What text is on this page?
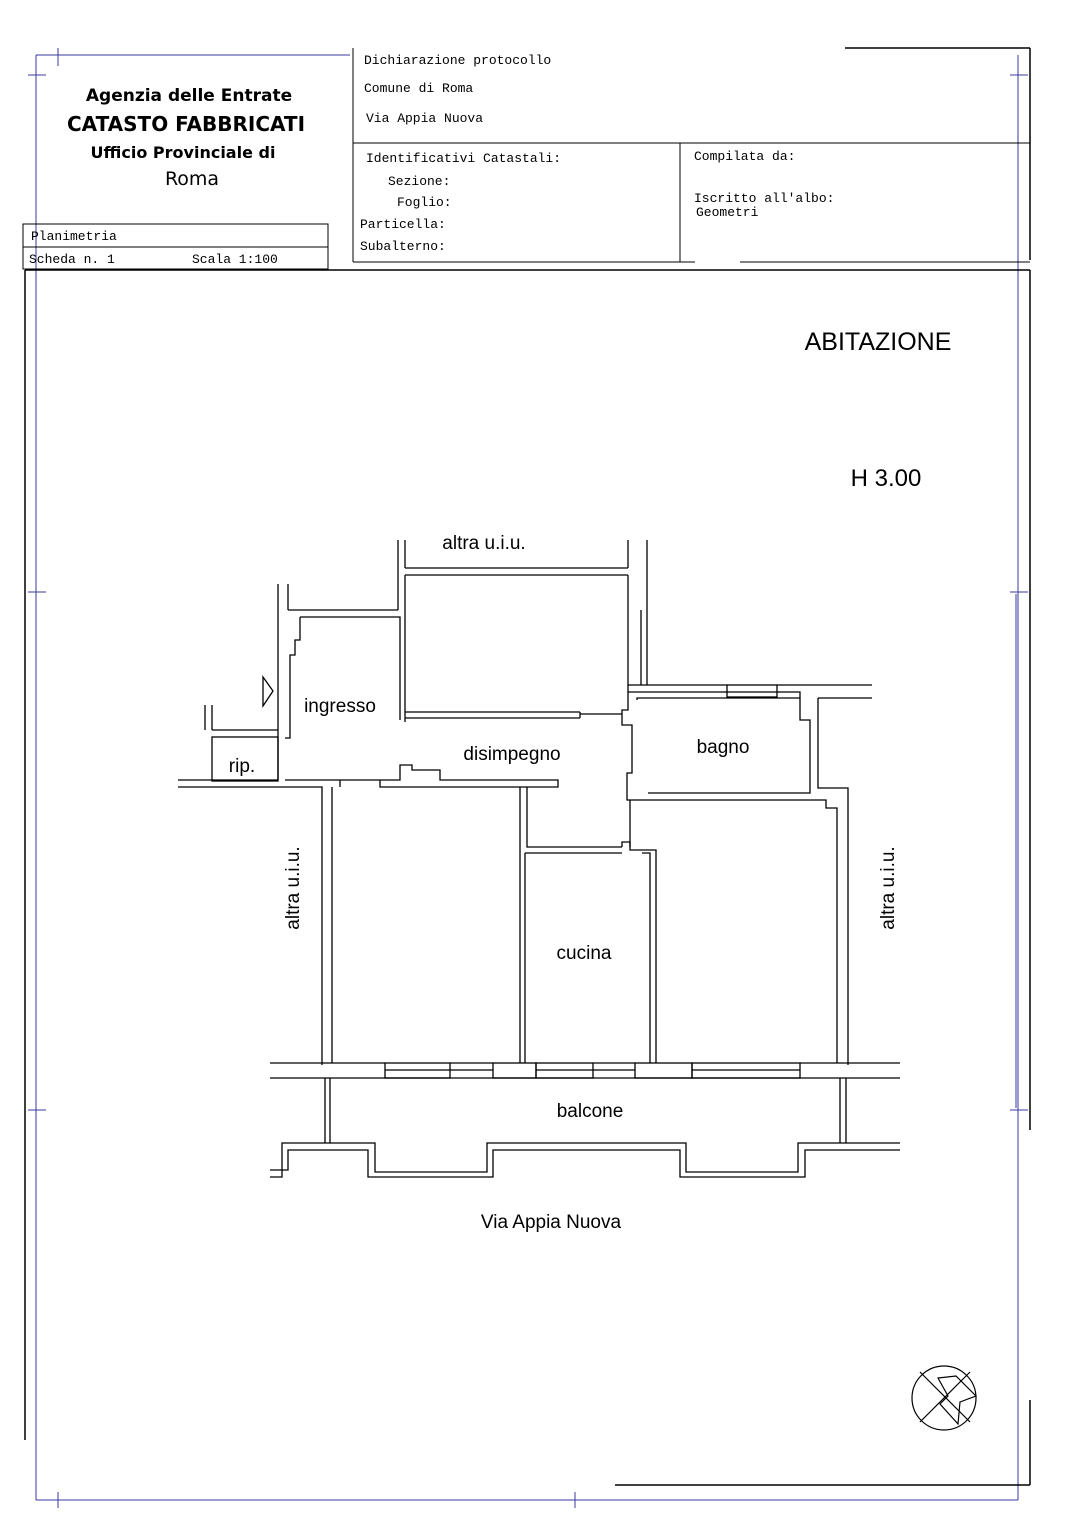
Agenzia delle Entrate
CATASTO FABBRICATI
Ufficio Provinciale di
Roma
Dichiarazione protocollo
Comune di Roma
Via Appia Nuova
Identificativi Catastali:
Sezione:
Foglio:
Particella:
Subalterno:
Compilata da:
Iscritto all'albo:
Geometri
Planimetria
Scheda n. 1	Scala 1:100
ABITAZIONE
H 3.00
altra u.i.u.
ingresso
disimpegno	bagno
rip.
cucina
balcone
altra u.i.u.	altra u.i.u.
Via Appia Nuova
